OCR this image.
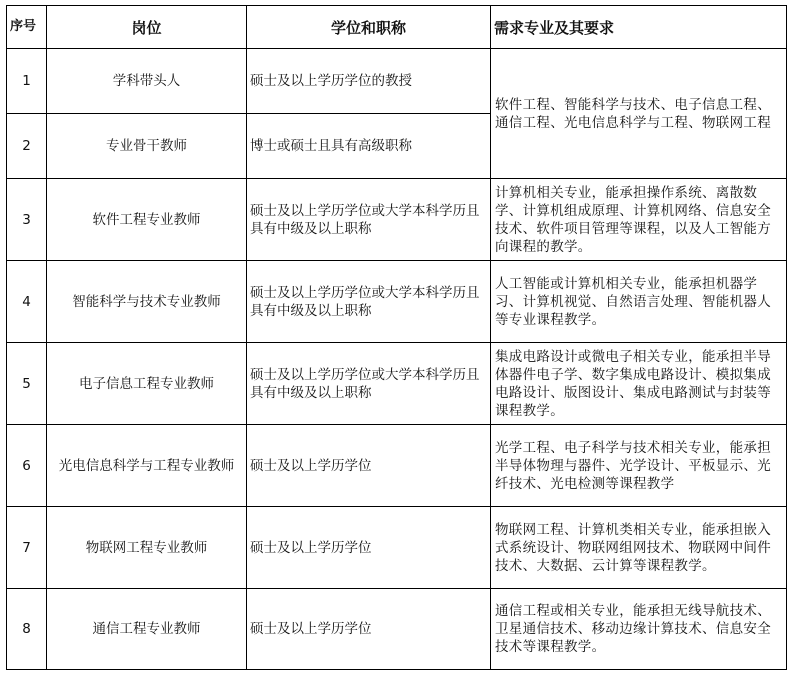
序号	岗位	学位和职称	需求专业及其要求
1	学科带头人	硕士及以上学历学位的教授	软件工程、智能科学与技术、电子信息工程、通信工程、光电信息科学与工程、物联网工程
2	专业骨干教师	博士或硕士且具有高级职称	
3	软件工程专业教师	硕士及以上学历学位或大学本科学历且具有中级及以上职称	计算机相关专业，能承担操作系统、离散数学、计算机组成原理、计算机网络、信息安全技术、软件项目管理等课程，以及人工智能方向课程的教学。
4	智能科学与技术专业教师	硕士及以上学历学位或大学本科学历且具有中级及以上职称	人工智能或计算机相关专业，能承担机器学习、计算机视觉、自然语言处理、智能机器人等专业课程教学。
5	电子信息工程专业教师	硕士及以上学历学位或大学本科学历且具有中级及以上职称	集成电路设计或微电子相关专业，能承担半导体器件电子学、数字集成电路设计、模拟集成电路设计、版图设计、集成电路测试与封装等课程教学。
6	光电信息科学与工程专业教师	硕士及以上学历学位	光学工程、电子科学与技术相关专业，能承担半导体物理与器件、光学设计、平板显示、光纤技术、光电检测等课程教学
7	物联网工程专业教师	硕士及以上学历学位	物联网工程、计算机类相关专业，能承担嵌入式系统设计、物联网组网技术、物联网中间件技术、大数据、云计算等课程教学。
8	通信工程专业教师	硕士及以上学历学位	通信工程或相关专业，能承担无线导航技术、卫星通信技术、移动边缘计算技术、信息安全技术等课程教学。
